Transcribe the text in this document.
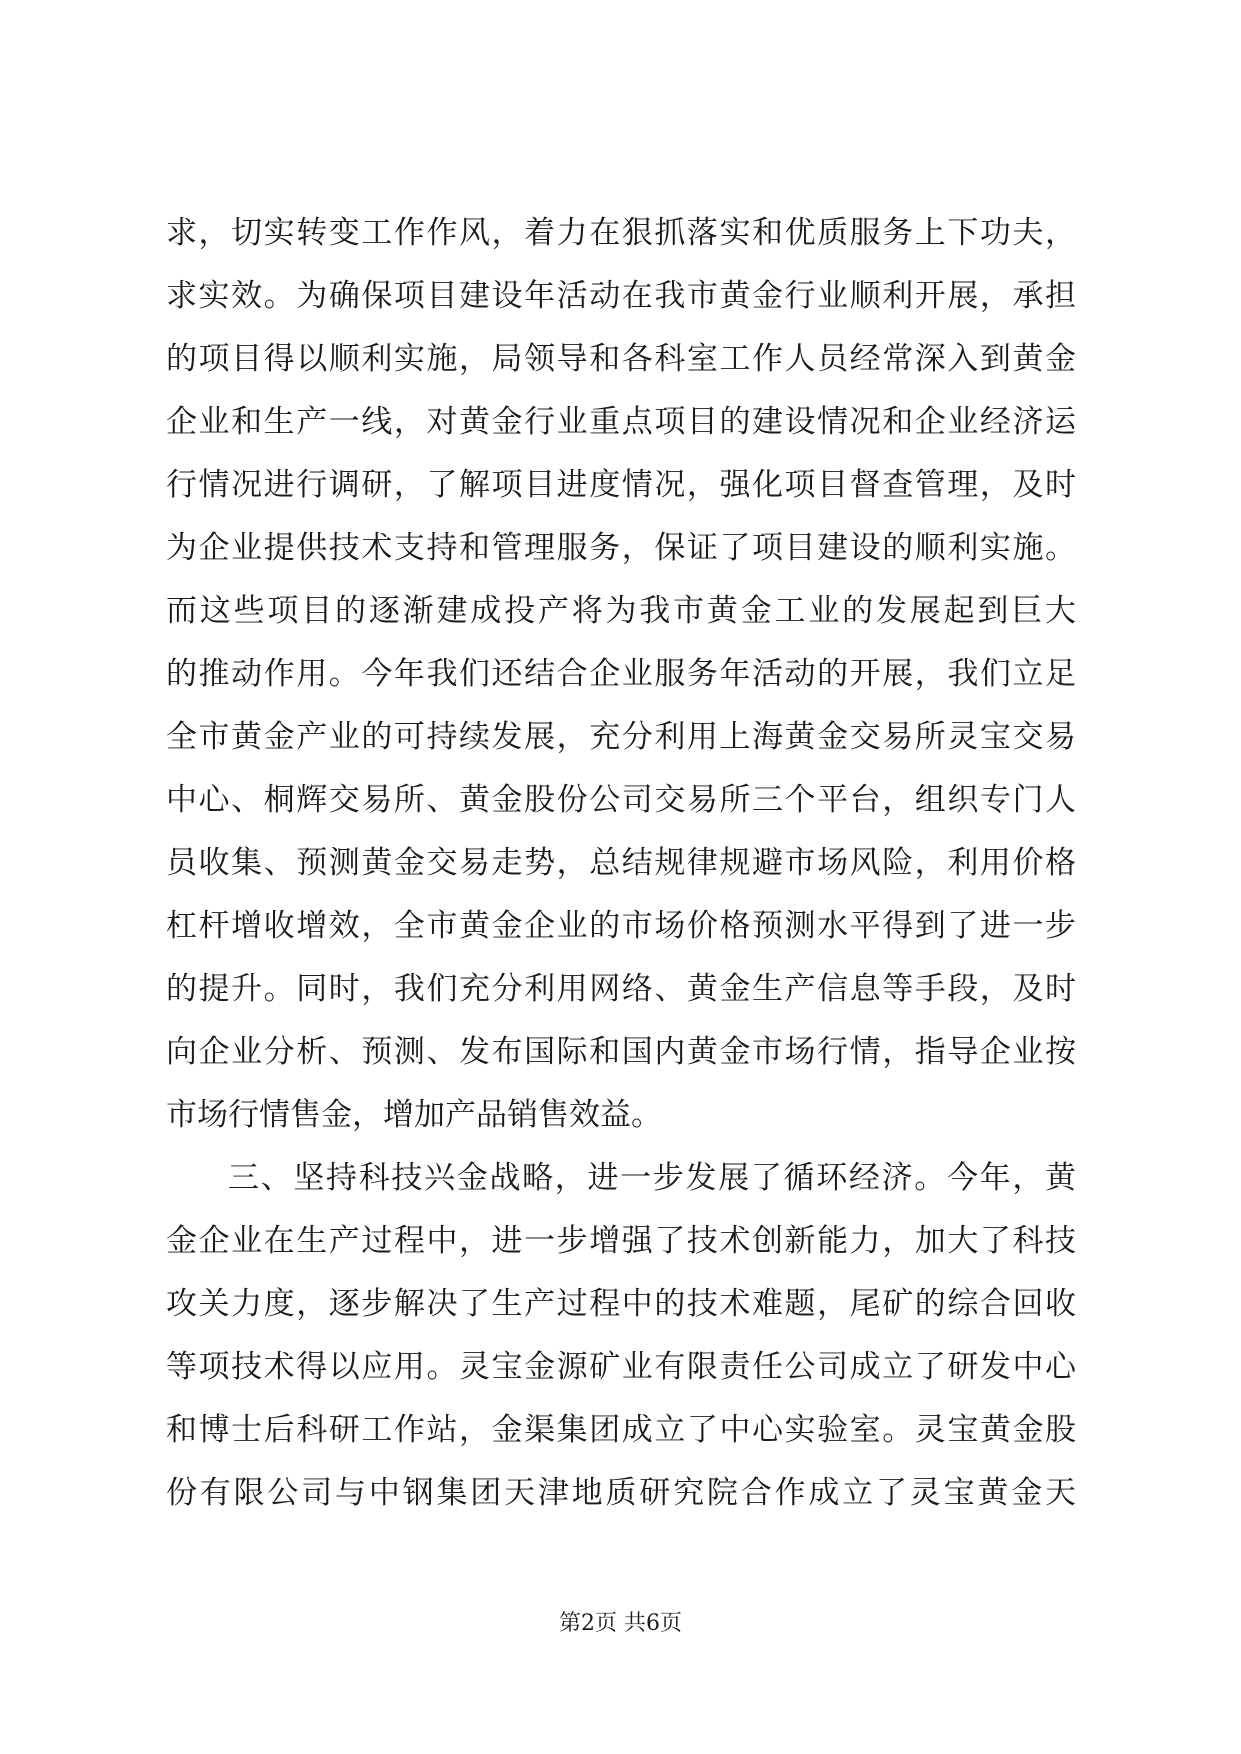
求，切实转变工作作风，着力在狠抓落实和优质服务上下功夫，
求实效。为确保项目建设年活动在我市黄金行业顺利开展，承担
的项目得以顺利实施，局领导和各科室工作人员经常深入到黄金
企业和生产一线，对黄金行业重点项目的建设情况和企业经济运
行情况进行调研，了解项目进度情况，强化项目督查管理，及时
为企业提供技术支持和管理服务，保证了项目建设的顺利实施。
而这些项目的逐渐建成投产将为我市黄金工业的发展起到巨大
的推动作用。今年我们还结合企业服务年活动的开展，我们立足
全市黄金产业的可持续发展，充分利用上海黄金交易所灵宝交易
中心、桐辉交易所、黄金股份公司交易所三个平台，组织专门人
员收集、预测黄金交易走势，总结规律规避市场风险，利用价格
杠杆增收增效，全市黄金企业的市场价格预测水平得到了进一步
的提升。同时，我们充分利用网络、黄金生产信息等手段，及时
向企业分析、预测、发布国际和国内黄金市场行情，指导企业按
市场行情售金，增加产品销售效益。
三、坚持科技兴金战略，进一步发展了循环经济。今年，黄
金企业在生产过程中，进一步增强了技术创新能力，加大了科技
攻关力度，逐步解决了生产过程中的技术难题，尾矿的综合回收
等项技术得以应用。灵宝金源矿业有限责任公司成立了研发中心
和博士后科研工作站，金渠集团成立了中心实验室。灵宝黄金股
份有限公司与中钢集团天津地质研究院合作成立了灵宝黄金天
第2页 共6页
